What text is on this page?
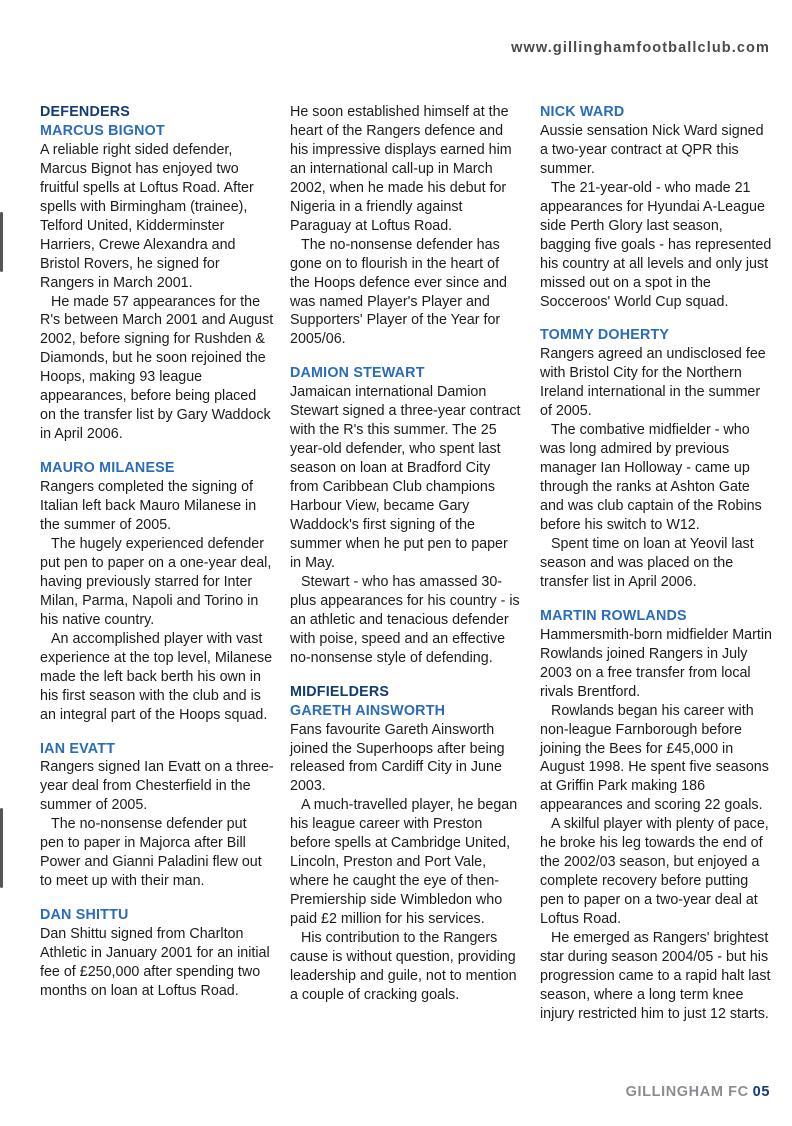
www.gillinghamfootballclub.com
DEFENDERS
MARCUS BIGNOT

A reliable right sided defender, Marcus Bignot has enjoyed two fruitful spells at Loftus Road. After spells with Birmingham (trainee), Telford United, Kidderminster Harriers, Crewe Alexandra and Bristol Rovers, he signed for Rangers in March 2001.

He made 57 appearances for the R's between March 2001 and August 2002, before signing for Rushden & Diamonds, but he soon rejoined the Hoops, making 93 league appearances, before being placed on the transfer list by Gary Waddock in April 2006.

MAURO MILANESE

Rangers completed the signing of Italian left back Mauro Milanese in the summer of 2005.

The hugely experienced defender put pen to paper on a one-year deal, having previously starred for Inter Milan, Parma, Napoli and Torino in his native country.

An accomplished player with vast experience at the top level, Milanese made the left back berth his own in his first season with the club and is an integral part of the Hoops squad.

IAN EVATT

Rangers signed Ian Evatt on a three-year deal from Chesterfield in the summer of 2005.

The no-nonsense defender put pen to paper in Majorca after Bill Power and Gianni Paladini flew out to meet up with their man.

DAN SHITTU

Dan Shittu signed from Charlton Athletic in January 2001 for an initial fee of £250,000 after spending two months on loan at Loftus Road.

He soon established himself at the heart of the Rangers defence and his impressive displays earned him an international call-up in March 2002, when he made his debut for Nigeria in a friendly against Paraguay at Loftus Road.

The no-nonsense defender has gone on to flourish in the heart of the Hoops defence ever since and was named Player's Player and Supporters' Player of the Year for 2005/06.

DAMION STEWART

Jamaican international Damion Stewart signed a three-year contract with the R's this summer. The 25 year-old defender, who spent last season on loan at Bradford City from Caribbean Club champions Harbour View, became Gary Waddock's first signing of the summer when he put pen to paper in May.

Stewart - who has amassed 30-plus appearances for his country - is an athletic and tenacious defender with poise, speed and an effective no-nonsense style of defending.

MIDFIELDERS
GARETH AINSWORTH

Fans favourite Gareth Ainsworth joined the Superhoops after being released from Cardiff City in June 2003.

A much-travelled player, he began his league career with Preston before spells at Cambridge United, Lincoln, Preston and Port Vale, where he caught the eye of then-Premiership side Wimbledon who paid £2 million for his services.

His contribution to the Rangers cause is without question, providing leadership and guile, not to mention a couple of cracking goals.

NICK WARD

Aussie sensation Nick Ward signed a two-year contract at QPR this summer.

The 21-year-old - who made 21 appearances for Hyundai A-League side Perth Glory last season, bagging five goals - has represented his country at all levels and only just missed out on a spot in the Socceroos' World Cup squad.

TOMMY DOHERTY

Rangers agreed an undisclosed fee with Bristol City for the Northern Ireland international in the summer of 2005.

The combative midfielder - who was long admired by previous manager Ian Holloway - came up through the ranks at Ashton Gate and was club captain of the Robins before his switch to W12.

Spent time on loan at Yeovil last season and was placed on the transfer list in April 2006.

MARTIN ROWLANDS

Hammersmith-born midfielder Martin Rowlands joined Rangers in July 2003 on a free transfer from local rivals Brentford.

Rowlands began his career with non-league Farnborough before joining the Bees for £45,000 in August 1998. He spent five seasons at Griffin Park making 186 appearances and scoring 22 goals.

A skilful player with plenty of pace, he broke his leg towards the end of the 2002/03 season, but enjoyed a complete recovery before putting pen to paper on a two-year deal at Loftus Road.

He emerged as Rangers' brightest star during season 2004/05 - but his progression came to a rapid halt last season, where a long term knee injury restricted him to just 12 starts.

GILLINGHAM FC 05
